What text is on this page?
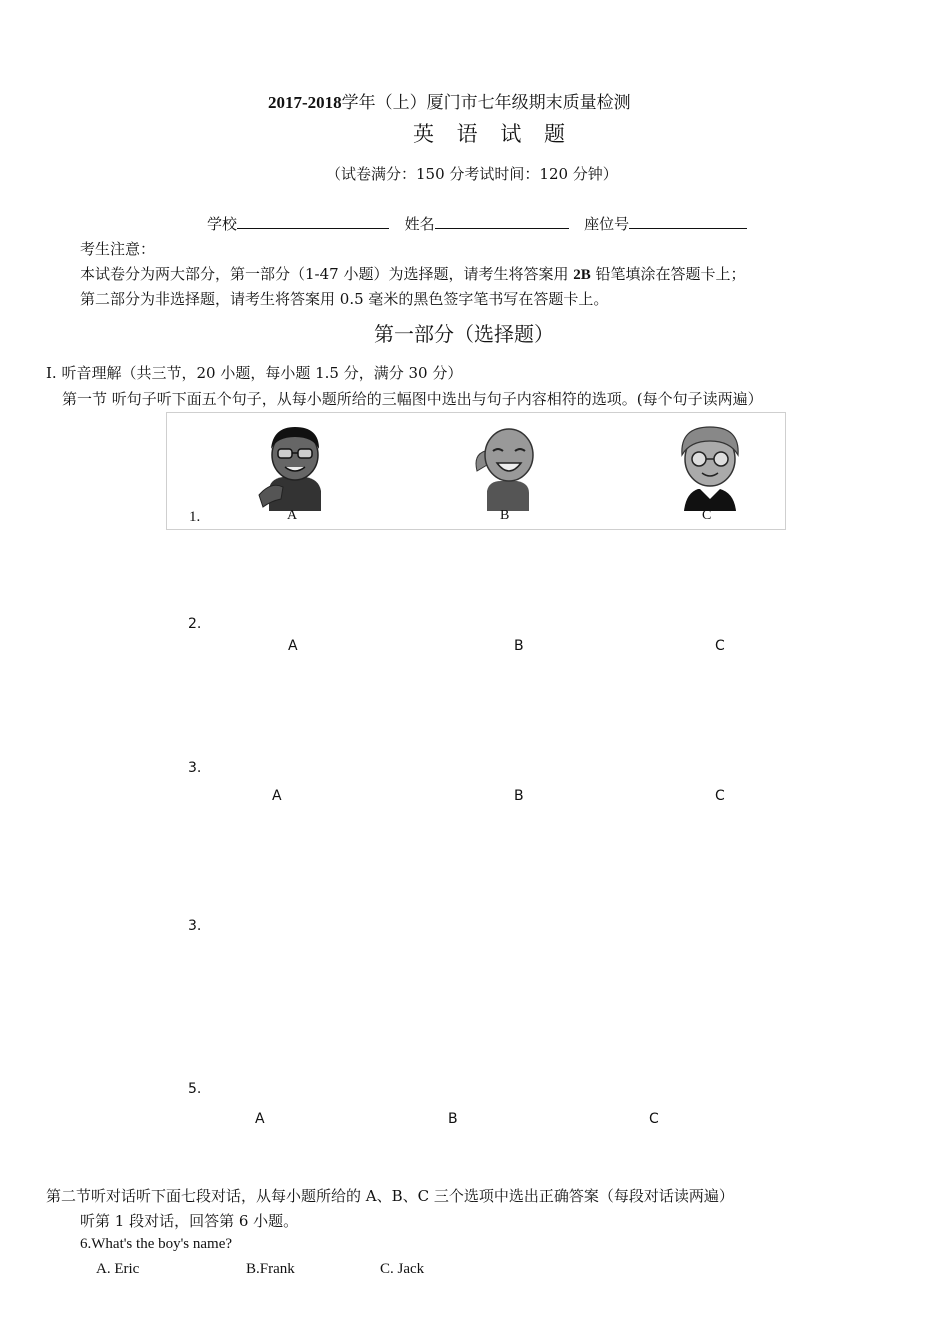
2017-2018学年（上）厦门市七年级期末质量检测
英 语 试 题
（试卷满分：150 分考试时间：120 分钟）
学校	姓名	座位号
考生注意：
本试卷分为两大部分，第一部分（1-47 小题）为选择题，请考生将答案用 2B 铅笔填涂在答题卡上；
第二部分为非选择题，请考生将答案用 0.5 毫米的黑色签字笔书写在答题卡上。
第一部分（选择题）
I. 听音理解（共三节，20 小题，每小题 1.5 分，满分 30 分）
第一节 听句子听下面五个句子，从每小题所给的三幅图中选出与句子内容相符的选项。(每个句子读两遍）
1.	A	B	C
2.
A	B	C
3.
A	B	C
3.
5.
A	B	C
第二节听对话听下面七段对话，从每小题所给的 A、B、C 三个选项中选出正确答案（每段对话读两遍）
听第 1 段对话，回答第 6 小题。
6.What's the boy's name?
A. Eric	B.Frank	C. Jack
